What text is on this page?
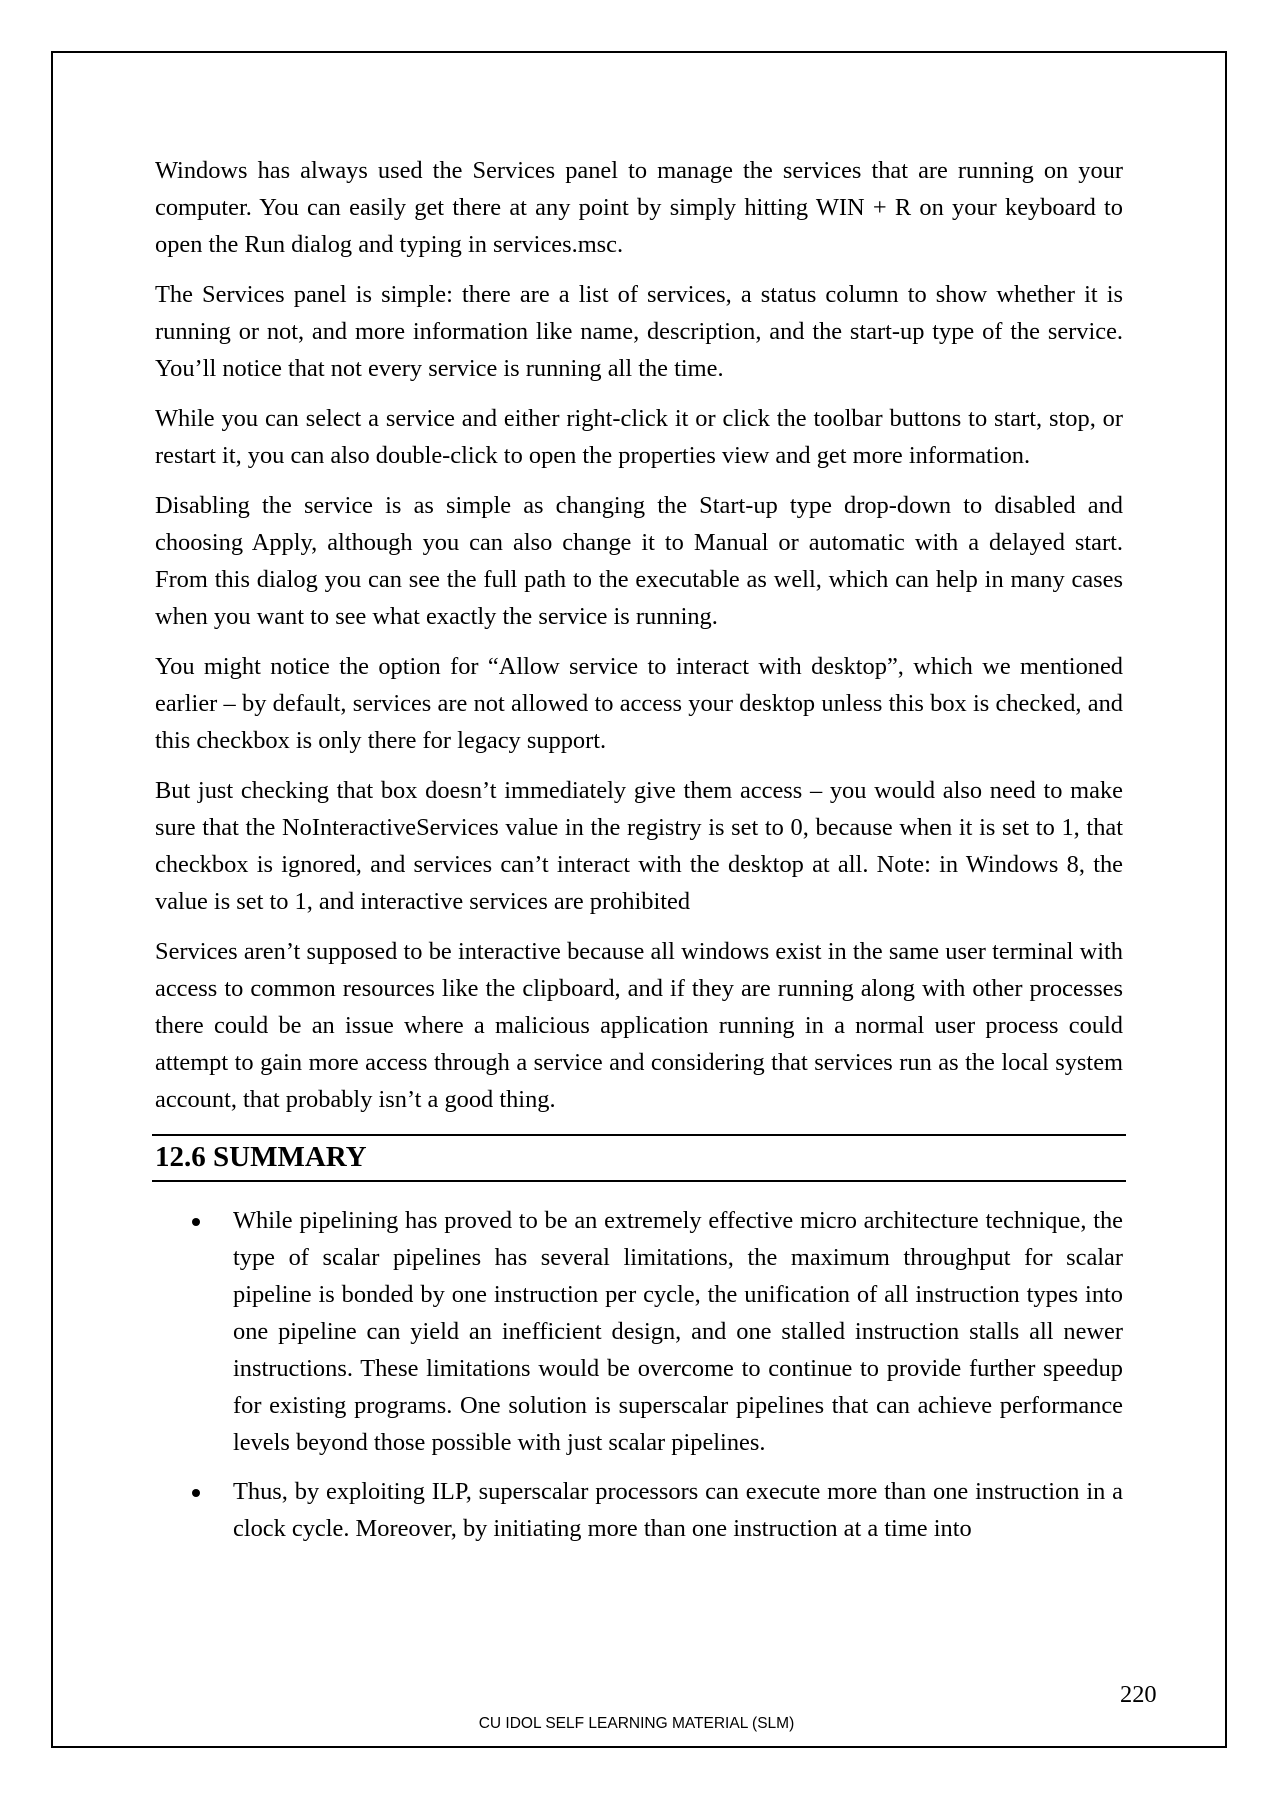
Windows has always used the Services panel to manage the services that are running on your computer. You can easily get there at any point by simply hitting WIN + R on your keyboard to open the Run dialog and typing in services.msc.

The Services panel is simple: there are a list of services, a status column to show whether it is running or not, and more information like name, description, and the start-up type of the service. You’ll notice that not every service is running all the time.

While you can select a service and either right-click it or click the toolbar buttons to start, stop, or restart it, you can also double-click to open the properties view and get more information.

Disabling the service is as simple as changing the Start-up type drop-down to disabled and choosing Apply, although you can also change it to Manual or automatic with a delayed start. From this dialog you can see the full path to the executable as well, which can help in many cases when you want to see what exactly the service is running.

You might notice the option for “Allow service to interact with desktop”, which we mentioned earlier – by default, services are not allowed to access your desktop unless this box is checked, and this checkbox is only there for legacy support.

But just checking that box doesn’t immediately give them access – you would also need to make sure that the NoInteractiveServices value in the registry is set to 0, because when it is set to 1, that checkbox is ignored, and services can’t interact with the desktop at all. Note: in Windows 8, the value is set to 1, and interactive services are prohibited

Services aren’t supposed to be interactive because all windows exist in the same user terminal with access to common resources like the clipboard, and if they are running along with other processes there could be an issue where a malicious application running in a normal user process could attempt to gain more access through a service and considering that services run as the local system account, that probably isn’t a good thing.

12.6 SUMMARY
While pipelining has proved to be an extremely effective micro architecture technique, the type of scalar pipelines has several limitations, the maximum throughput for scalar pipeline is bonded by one instruction per cycle, the unification of all instruction types into one pipeline can yield an inefficient design, and one stalled instruction stalls all newer instructions. These limitations would be overcome to continue to provide further speedup for existing programs. One solution is superscalar pipelines that can achieve performance levels beyond those possible with just scalar pipelines.
Thus, by exploiting ILP, superscalar processors can execute more than one instruction in a clock cycle. Moreover, by initiating more than one instruction at a time into
220
CU IDOL SELF LEARNING MATERIAL (SLM)
